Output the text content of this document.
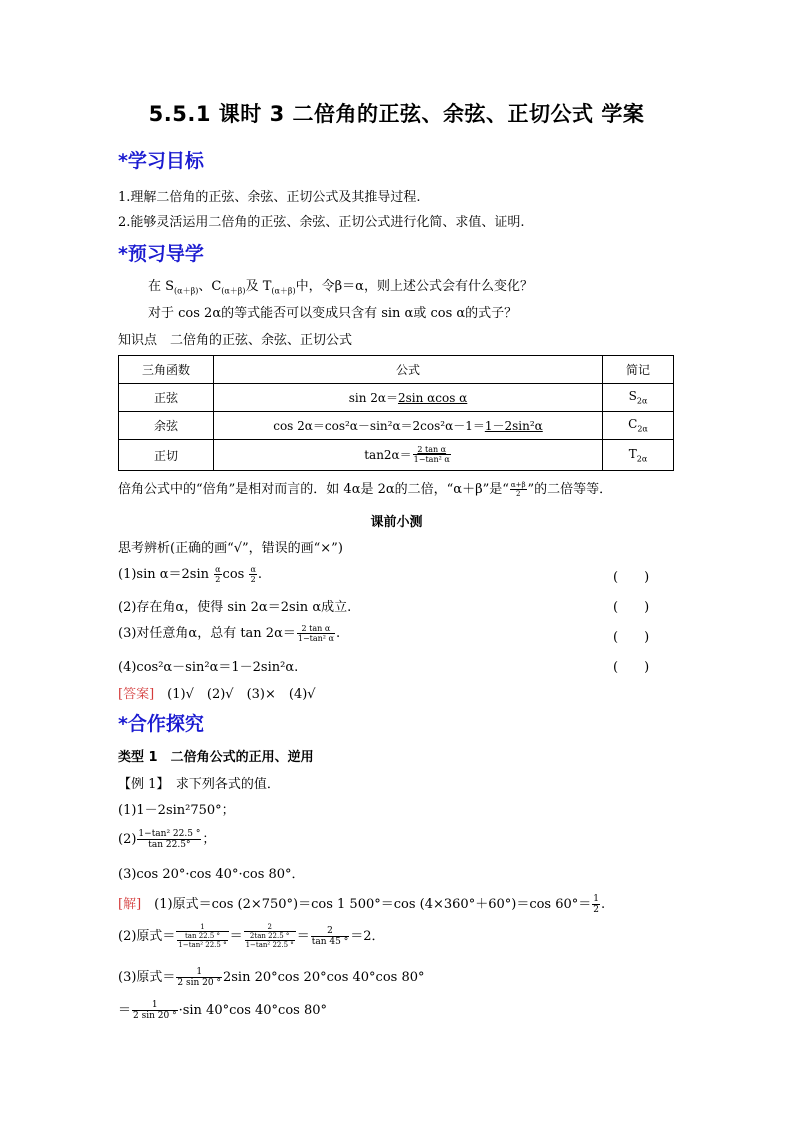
5.5.1 课时 3 二倍角的正弦、余弦、正切公式 学案
*学习目标
1.理解二倍角的正弦、余弦、正切公式及其推导过程.
2.能够灵活运用二倍角的正弦、余弦、正切公式进行化简、求值、证明.
*预习导学
在 $S_{(\alpha+\beta)}$、$C_{(\alpha+\beta)}$及 $T_{(\alpha+\beta)}$中，令β＝α，则上述公式会有什么变化？
对于 cos 2α的等式能否可以变成只含有 sin α或 cos α的式子？
知识点　二倍角的正弦、余弦、正切公式
三角函数	公式	简记
正弦	sin 2α＝2sin αcos α	$S_{2\alpha}$
余弦	cos 2α＝cos²α－sin²α＝2cos²α－1＝1－2sin²α	$C_{2\alpha}$
正切	$\tan 2\alpha= \frac{\text{2 tan α}}{\text{1−tan² α}}$	$T_{2\alpha}$
倍角公式中的“倍角”是相对而言的．如 4α是 2α的二倍，“α＋β”是“ $\frac{\alpha+\beta}{2}$ ”的二倍等等．
课前小测
思考辨析(正确的画“√”，错误的画“×”)
(1)sin $\alpha=2\sin \frac{\alpha}{2}$ $\cos \frac{\alpha}{2}$ .	(　　)
(2)存在角α，使得 sin 2α＝2sin α成立.	(　　)
(3)对任意角α，总有 $\tan 2\alpha= \frac{\text{2 tan α}}{\text{1−tan² α}}$ .	(　　)
(4)cos²α－sin²α＝1－2sin²α.	(　　)
[答案]　 (1)√　(2)√　(3)×　(4)√
*合作探究
类型 1　二倍角公式的正用、逆用
【例 1】　 求下列各式的值．
(1)1－2sin²750°；
$(2) \frac{\text{1−tan² 22.5 °}}{\tan 22.5^\circ}$ ；
(3)cos 20°·cos 40°·cos 80°．
[解]　 (1)原式＝cos (2×750°)＝cos 1 500°＝cos (4×360°＋60°)＝cos $60^\circ= \frac{1}{2}$ .
(2)原式＝ $\frac{1}{\frac{\tan 22.5 ^\circ}{\text{1−tan² 22.5 °}}} = \frac{2}{\frac{2\tan 22.5 ^\circ}{\text{1−tan² 22.5 °}}} = \frac{2}{\tan 45 ^\circ} =2$．
(3)原式＝ $\frac{1}{2 \sin 20 ^\circ} 2\sin$ 20°cos 20°cos 40°cos 80°
＝ $\frac{1}{2 \sin 20 ^\circ} \cdot\sin$ 40°cos 40°cos 80°
